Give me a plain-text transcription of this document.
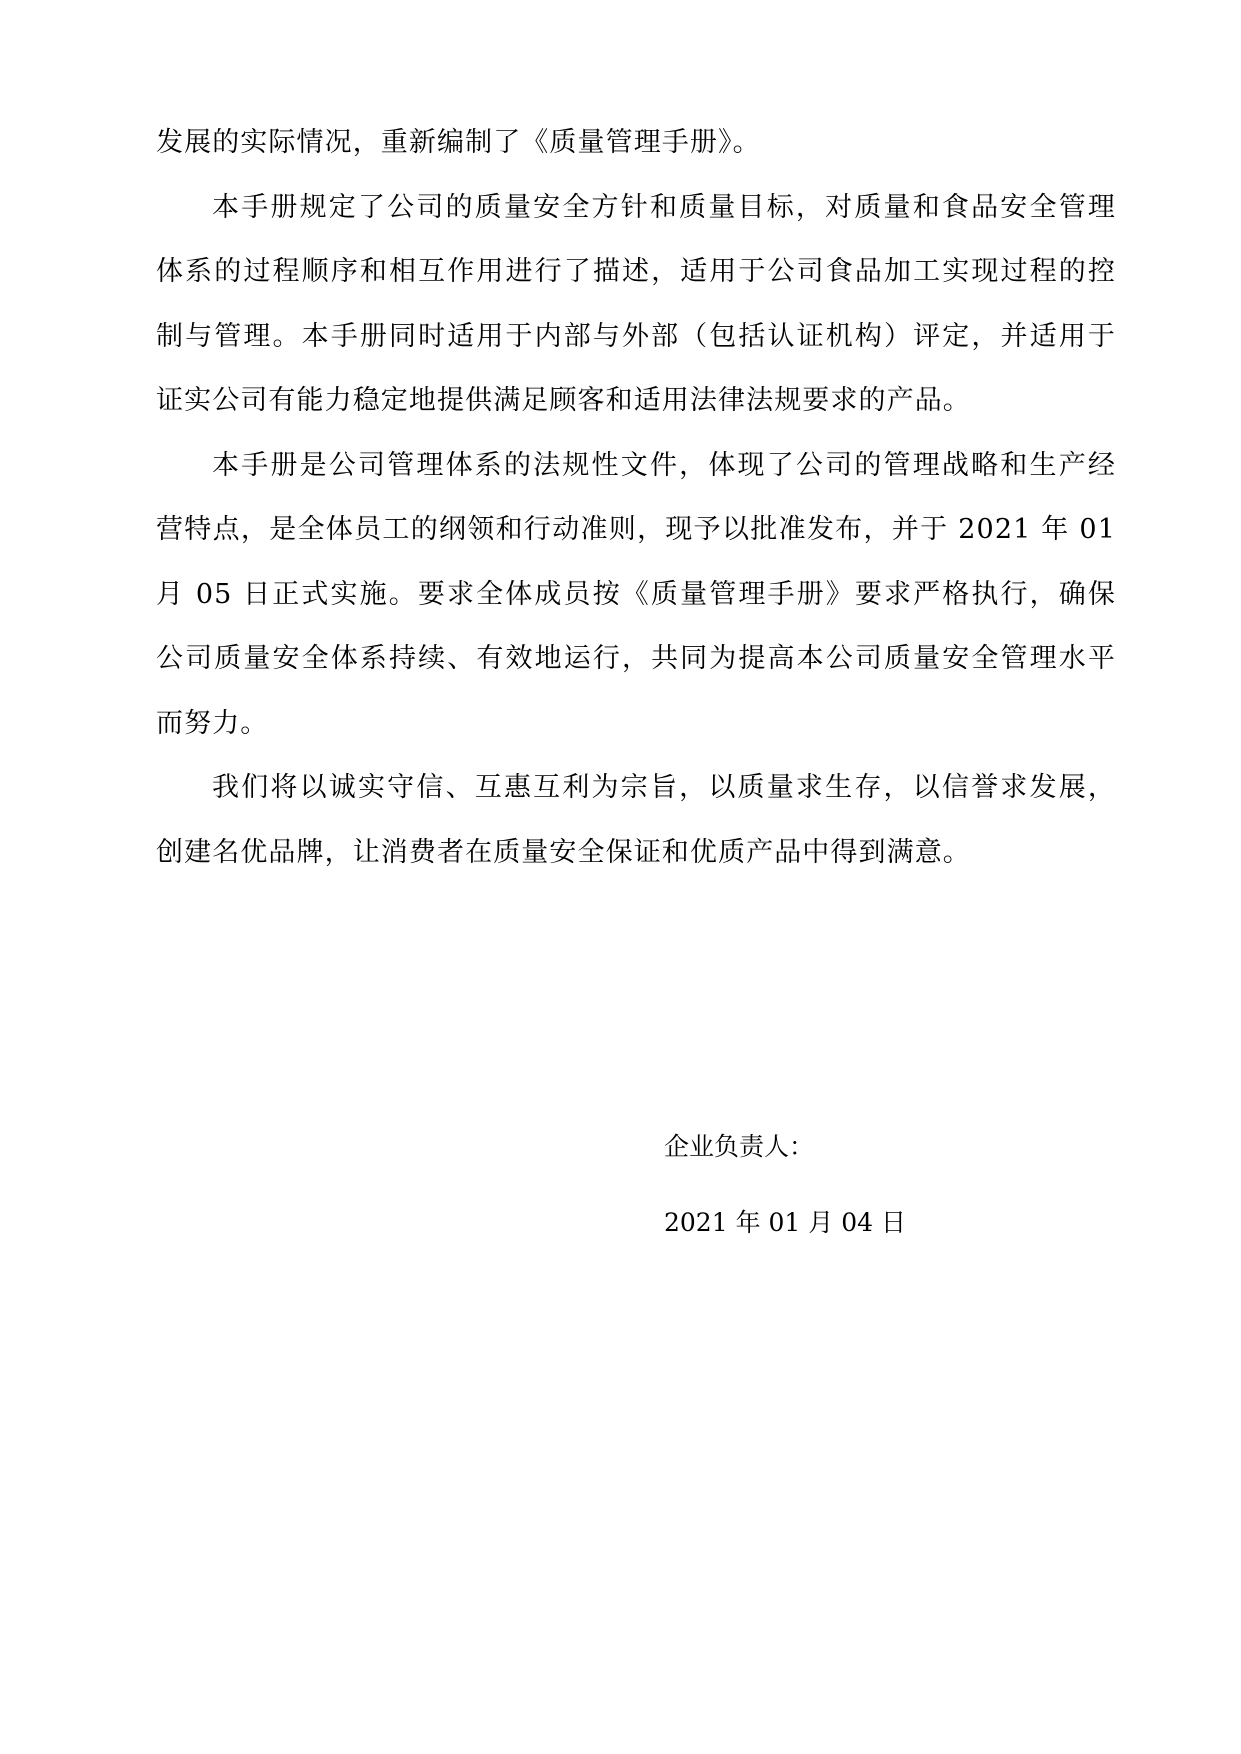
发展的实际情况，重新编制了《质量管理手册》。
本手册规定了公司的质量安全方针和质量目标，对质量和食品安全管理
体系的过程顺序和相互作用进行了描述，适用于公司食品加工实现过程的控
制与管理。本手册同时适用于内部与外部（包括认证机构）评定，并适用于
证实公司有能力稳定地提供满足顾客和适用法律法规要求的产品。
本手册是公司管理体系的法规性文件，体现了公司的管理战略和生产经
营特点，是全体员工的纲领和行动准则，现予以批准发布，并于 2021 年 01
月 05 日正式实施。要求全体成员按《质量管理手册》要求严格执行，确保
公司质量安全体系持续、有效地运行，共同为提高本公司质量安全管理水平
而努力。
我们将以诚实守信、互惠互利为宗旨，以质量求生存，以信誉求发展，
创建名优品牌，让消费者在质量安全保证和优质产品中得到满意。
企业负责人：
2021 年 01 月 04 日
